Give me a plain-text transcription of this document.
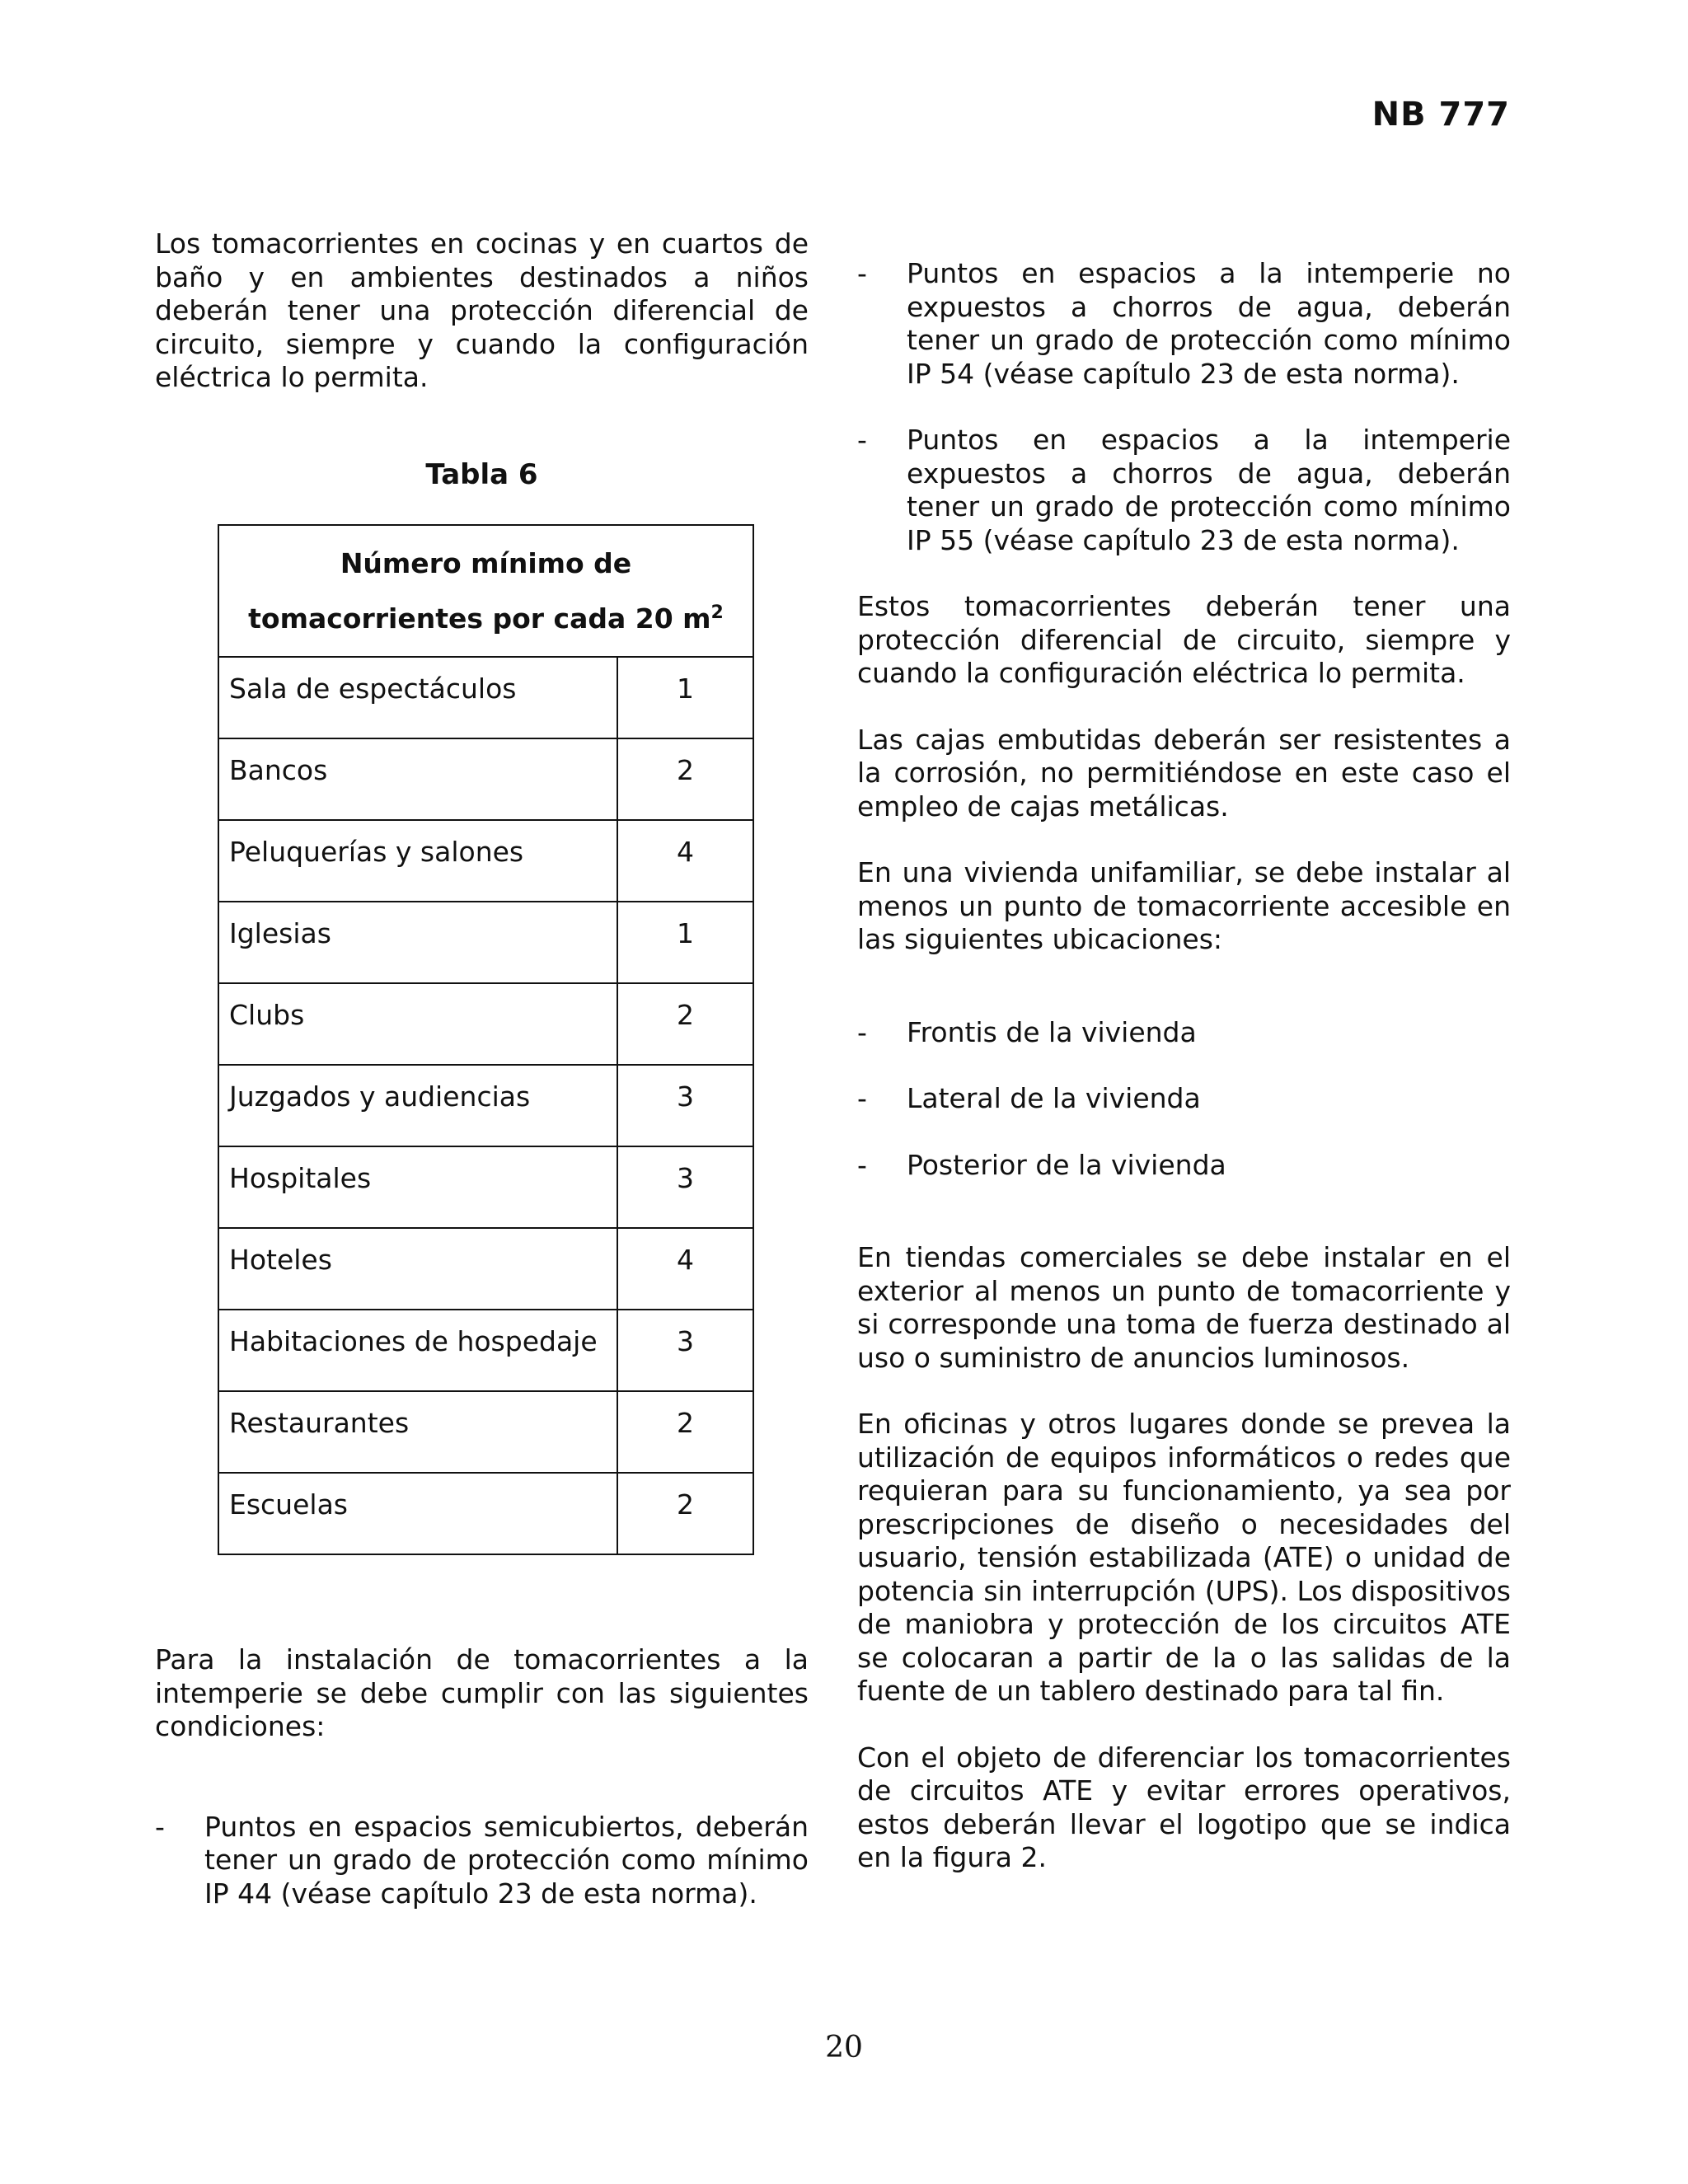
NB 777

Los tomacorrientes en cocinas y en cuartos de baño y en ambientes destinados a niños deberán tener una protección diferencial de circuito, siempre y cuando la configuración eléctrica lo permita.

Tabla 6
Número mínimo de
tomacorrientes por cada 20 $m^2$
Sala de espectáculos	1
Bancos	2
Peluquerías y salones	4
Iglesias	1
Clubs	2
Juzgados y audiencias	3
Hospitales	3
Hoteles	4
Habitaciones de hospedaje	3
Restaurantes	2
Escuelas	2

Para la instalación de tomacorrientes a la intemperie se debe cumplir con las siguientes condiciones:

- Puntos en espacios semicubiertos, deberán tener un grado de protección como mínimo IP 44 (véase capítulo 23 de esta norma).
- Puntos en espacios a la intemperie no expuestos a chorros de agua, deberán tener un grado de protección como mínimo IP 54 (véase capítulo 23 de esta norma).
- Puntos en espacios a la intemperie expuestos a chorros de agua, deberán tener un grado de protección como mínimo IP 55 (véase capítulo 23 de esta norma).

Estos tomacorrientes deberán tener una protección diferencial de circuito, siempre y cuando la configuración eléctrica lo permita.

Las cajas embutidas deberán ser resistentes a la corrosión, no permitiéndose en este caso el empleo de cajas metálicas.

En una vivienda unifamiliar, se debe instalar al menos un punto de tomacorriente accesible en las siguientes ubicaciones:

- Frontis de la vivienda
- Lateral de la vivienda
- Posterior de la vivienda

En tiendas comerciales se debe instalar en el exterior al menos un punto de tomacorriente y si corresponde una toma de fuerza destinado al uso o suministro de anuncios luminosos.

En oficinas y otros lugares donde se prevea la utilización de equipos informáticos o redes que requieran para su funcionamiento, ya sea por prescripciones de diseño o necesidades del usuario, tensión estabilizada (ATE) o unidad de potencia sin interrupción (UPS). Los dispositivos de maniobra y protección de los circuitos ATE se colocaran a partir de la o las salidas de la fuente de un tablero destinado para tal fin.

Con el objeto de diferenciar los tomacorrientes de circuitos ATE y evitar errores operativos, estos deberán llevar el logotipo que se indica en la figura 2.

20
